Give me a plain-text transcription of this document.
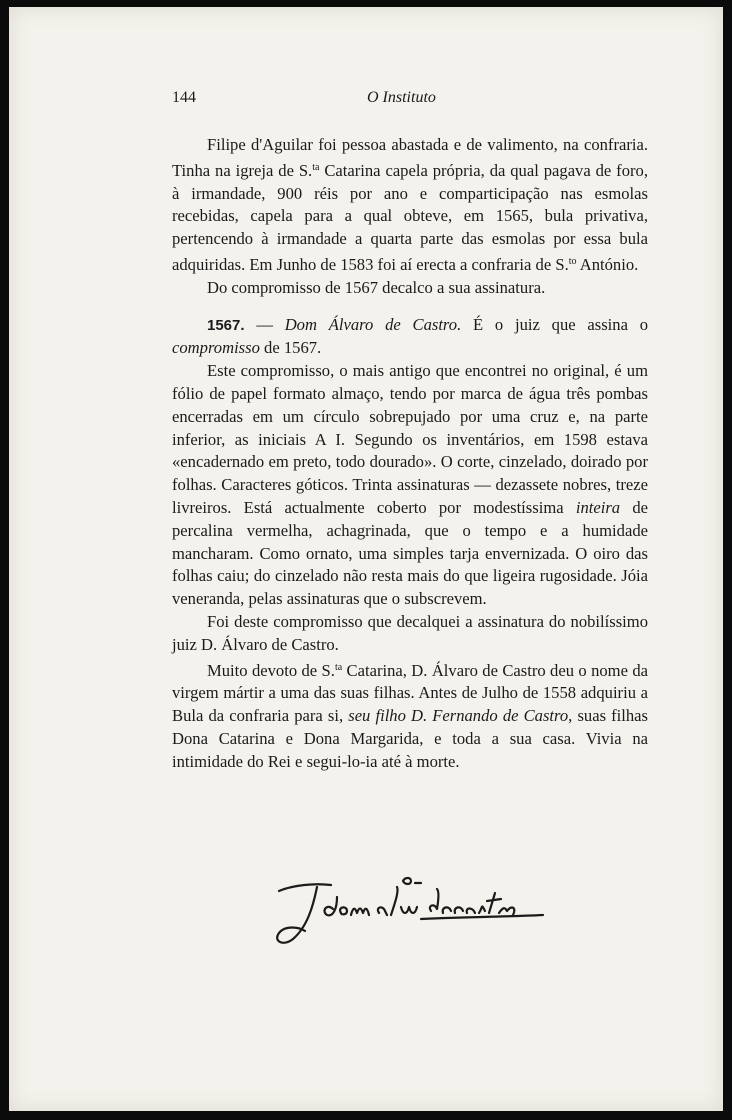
144	O Instituto

Filipe d'Aguilar foi pessoa abastada e de valimento, na confraria. Tinha na igreja de S.$^{ta}$ Catarina capela própria, da qual pagava de foro, à irmandade, 900 réis por ano e comparticipação nas esmolas recebidas, capela para a qual obteve, em 1565, bula privativa, pertencendo à irmandade a quarta parte das esmolas por essa bula adquiridas. Em Junho de 1583 foi aí erecta a confraria de S.$^{to}$ António.

Do compromisso de 1567 decalco a sua assinatura.

1567. — Dom Álvaro de Castro. É o juiz que assina o compromisso de 1567.

Este compromisso, o mais antigo que encontrei no original, é um fólio de papel formato almaço, tendo por marca de água três pombas encerradas em um círculo sobrepujado por uma cruz e, na parte inferior, as iniciais A I. Segundo os inventários, em 1598 estava «encadernado em preto, todo dourado». O corte, cinzelado, doirado por folhas. Caracteres góticos. Trinta assinaturas — dezassete nobres, treze livreiros. Está actualmente coberto por modestíssima inteira de percalina vermelha, achagrinada, que o tempo e a humidade mancharam. Como ornato, uma simples tarja envernizada. O oiro das folhas caiu; do cinzelado não resta mais do que ligeira rugosidade. Jóia veneranda, pelas assinaturas que o subscrevem.

Foi deste compromisso que decalquei a assinatura do nobilíssimo juiz D. Álvaro de Castro.

Muito devoto de S.$^{ta}$ Catarina, D. Álvaro de Castro deu o nome da virgem mártir a uma das suas filhas. Antes de Julho de 1558 adquiriu a Bula da confraria para si, seu filho D. Fernando de Castro, suas filhas Dona Catarina e Dona Margarida, e toda a sua casa. Vivia na intimidade do Rei e segui-lo-ia até à morte.
